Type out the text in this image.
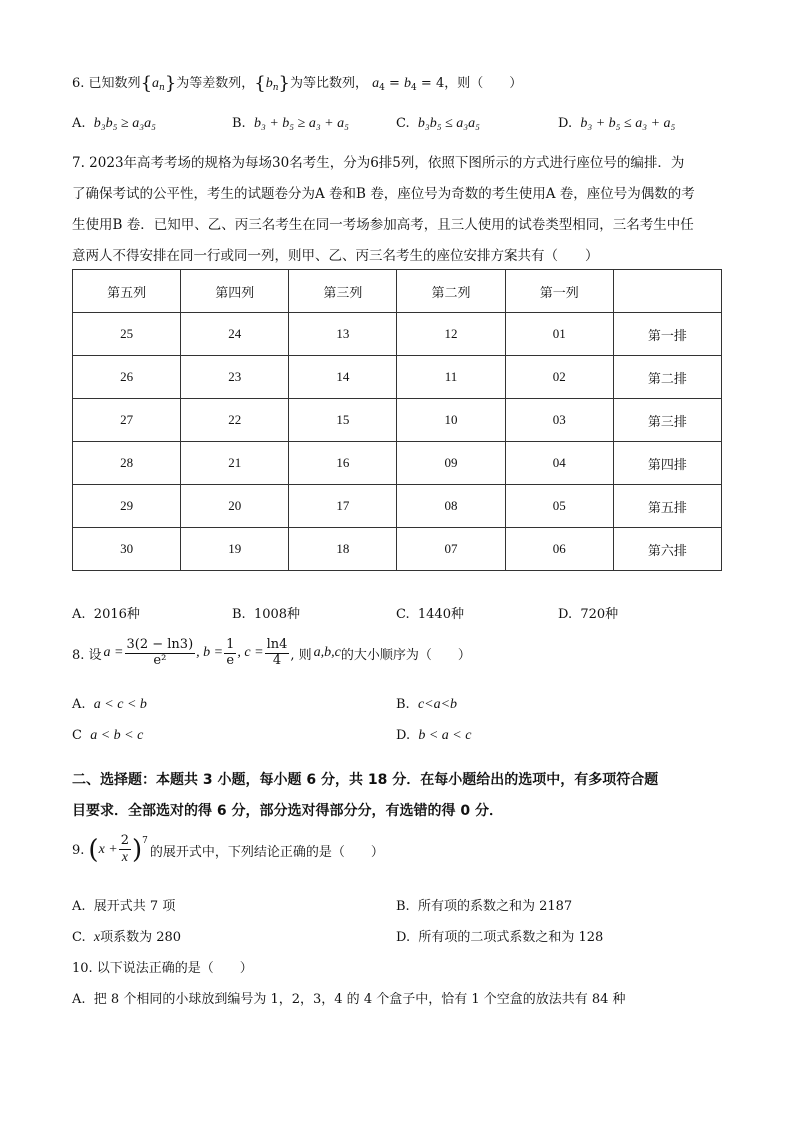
6. 已知数列$\{a_n\}$为等差数列，$\{b_n\}$为等比数列， $a_4 = b_4 = 4$，则（　　）
A. b₃b₅ ≥ a₃a₅	B. b₃ + b₅ ≥ a₃ + a₅	C. b₃b₅ ≤ a₃a₅	D. b₃ + b₅ ≤ a₃ + a₅
7. 2023年高考考场的规格为每场30名考生，分为6排5列，依照下图所示的方式进行座位号的编排．为
了确保考试的公平性，考生的试题卷分为A 卷和B 卷，座位号为奇数的考生使用A 卷，座位号为偶数的考
生使用B 卷．已知甲、乙、丙三名考生在同一考场参加高考，且三人使用的试卷类型相同，三名考生中任
意两人不得安排在同一行或同一列，则甲、乙、丙三名考生的座位安排方案共有（　　）
第五列	第四列	第三列	第二列	第一列	
25	24	13	12	01	第一排
26	23	14	11	02	第二排
27	22	15	10	03	第三排
28	21	16	09	04	第四排
29	20	17	08	05	第五排
30	19	18	07	06	第六排
A. 2016种	B. 1008种	C. 1440种	D. 720种
8. 设 $a = \frac{3(2 - \ln 3)}{\text{e²}}$ , $b = \frac{1}{e}$ , $c = \frac{\ln 4}{4}$ , 则 a,b,c 的大小顺序为（　　）
A. a < c < b	B. c<a<b
C a < b < c	D. b < a < c
二、选择题：本题共 3 小题，每小题 6 分，共 18 分．在每小题给出的选项中，有多项符合题
目要求．全部选对的得 6 分，部分选对得部分分，有选错的得 0 分．
9. ( $x + \frac{2}{x}$ ) 7
的展开式中，下列结论正确的是（　　）
A. 展开式共 7 项	B. 所有项的系数之和为 2187
C. x项系数为 280	D. 所有项的二项式系数之和为 128
10. 以下说法正确的是（　　）
A. 把 8 个相同的小球放到编号为 1，2，3，4 的 4 个盒子中，恰有 1 个空盒的放法共有 84 种
